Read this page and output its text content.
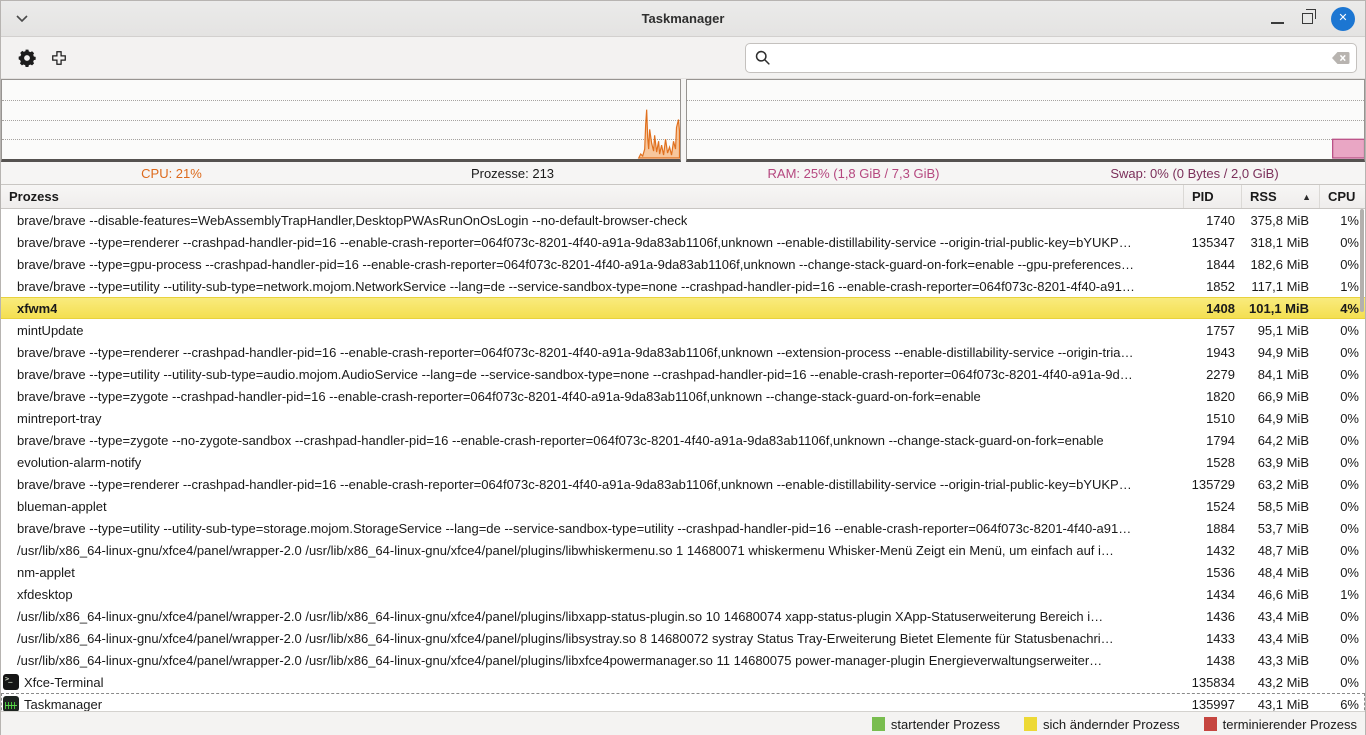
Taskmanager	✕
CPU: 21%	Prozesse: 213	RAM: 25% (1,8 GiB / 7,3 GiB)	Swap: 0% (0 Bytes / 2,0 GiB)
Prozess	PID	RSS	▲ CPU
brave/brave --disable-features=WebAssemblyTrapHandler,DesktopPWAsRunOnOsLogin --no-default-browser-check	1740	375,8 MiB	1%
brave/brave --type=renderer --crashpad-handler-pid=16 --enable-crash-reporter=064f073c-8201-4f40-a91a-9da83ab1106f,unknown --enable-distillability-service --origin-trial-public-key=bYUKP…	135347	318,1 MiB	0%
brave/brave --type=gpu-process --crashpad-handler-pid=16 --enable-crash-reporter=064f073c-8201-4f40-a91a-9da83ab1106f,unknown --change-stack-guard-on-fork=enable --gpu-preferences…	1844	182,6 MiB	0%
brave/brave --type=utility --utility-sub-type=network.mojom.NetworkService --lang=de --service-sandbox-type=none --crashpad-handler-pid=16 --enable-crash-reporter=064f073c-8201-4f40-a91…	1852	117,1 MiB	1%
xfwm4	1408	101,1 MiB	4%
mintUpdate	1757	95,1 MiB	0%
brave/brave --type=renderer --crashpad-handler-pid=16 --enable-crash-reporter=064f073c-8201-4f40-a91a-9da83ab1106f,unknown --extension-process --enable-distillability-service --origin-tria…	1943	94,9 MiB	0%
brave/brave --type=utility --utility-sub-type=audio.mojom.AudioService --lang=de --service-sandbox-type=none --crashpad-handler-pid=16 --enable-crash-reporter=064f073c-8201-4f40-a91a-9d…	2279	84,1 MiB	0%
brave/brave --type=zygote --crashpad-handler-pid=16 --enable-crash-reporter=064f073c-8201-4f40-a91a-9da83ab1106f,unknown --change-stack-guard-on-fork=enable	1820	66,9 MiB	0%
mintreport-tray	1510	64,9 MiB	0%
brave/brave --type=zygote --no-zygote-sandbox --crashpad-handler-pid=16 --enable-crash-reporter=064f073c-8201-4f40-a91a-9da83ab1106f,unknown --change-stack-guard-on-fork=enable	1794	64,2 MiB	0%
evolution-alarm-notify	1528	63,9 MiB	0%
brave/brave --type=renderer --crashpad-handler-pid=16 --enable-crash-reporter=064f073c-8201-4f40-a91a-9da83ab1106f,unknown --enable-distillability-service --origin-trial-public-key=bYUKP…	135729	63,2 MiB	0%
blueman-applet	1524	58,5 MiB	0%
brave/brave --type=utility --utility-sub-type=storage.mojom.StorageService --lang=de --service-sandbox-type=utility --crashpad-handler-pid=16 --enable-crash-reporter=064f073c-8201-4f40-a91…	1884	53,7 MiB	0%
/usr/lib/x86_64-linux-gnu/xfce4/panel/wrapper-2.0 /usr/lib/x86_64-linux-gnu/xfce4/panel/plugins/libwhiskermenu.so 1 14680071 whiskermenu Whisker-Menü Zeigt ein Menü, um einfach auf i…	1432	48,7 MiB	0%
nm-applet	1536	48,4 MiB	0%
xfdesktop	1434	46,6 MiB	1%
/usr/lib/x86_64-linux-gnu/xfce4/panel/wrapper-2.0 /usr/lib/x86_64-linux-gnu/xfce4/panel/plugins/libxapp-status-plugin.so 10 14680074 xapp-status-plugin XApp-Statuserweiterung Bereich i…	1436	43,4 MiB	0%
/usr/lib/x86_64-linux-gnu/xfce4/panel/wrapper-2.0 /usr/lib/x86_64-linux-gnu/xfce4/panel/plugins/libsystray.so 8 14680072 systray Status Tray-Erweiterung Bietet Elemente für Statusbenachri…	1433	43,4 MiB	0%
/usr/lib/x86_64-linux-gnu/xfce4/panel/wrapper-2.0 /usr/lib/x86_64-linux-gnu/xfce4/panel/plugins/libxfce4powermanager.so 11 14680075 power-manager-plugin Energieverwaltungserweiter…	1438	43,3 MiB	0%
>_
Xfce-Terminal	135834	43,2 MiB	0%
Taskmanager	135997	43,1 MiB	6%
startender Prozess	sich ändernder Prozess	terminierender Prozess
